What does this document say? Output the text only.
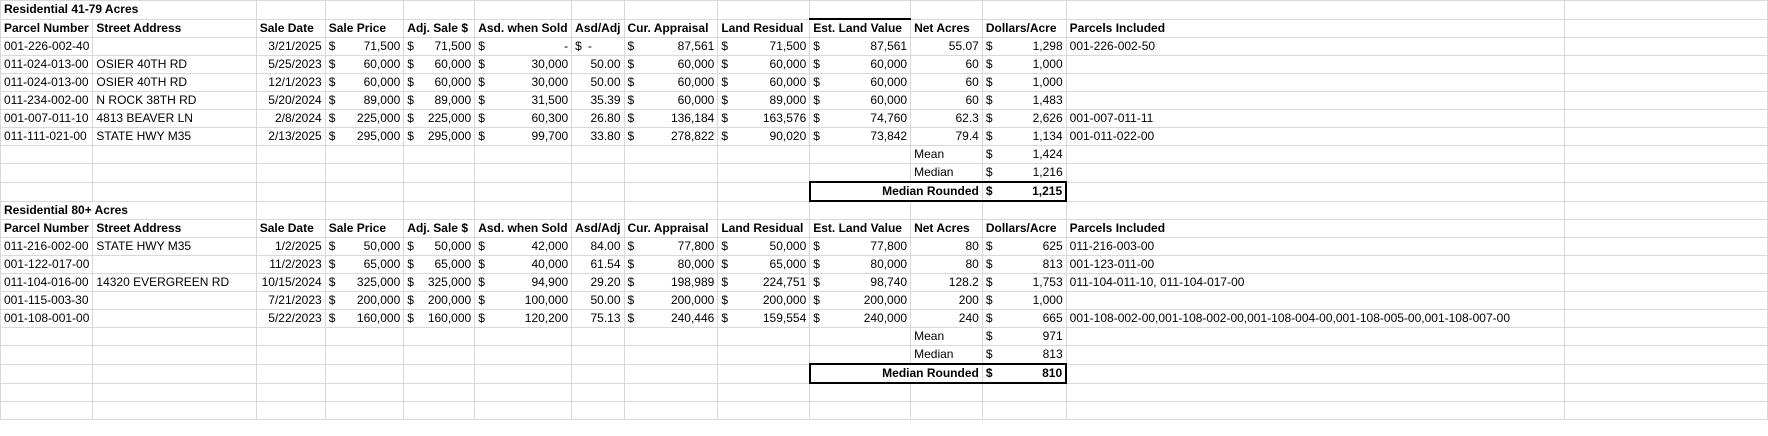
Residential 41-79 Acres													
Parcel Number	Street Address	Sale Date	Sale Price	Adj. Sale $	Asd. when Sold	Asd/Adj	Cur. Appraisal	Land Residual	Est. Land Value	Net Acres	Dollars/Acre	Parcels Included	
001-226-002-40		3/21/2025	$ 71,500	$ 71,500	$ -	$ -	$ 87,561	$ 71,500	$ 87,561	55.07	$ 1,298	001-226-002-50	
011-024-013-00	OSIER 40TH RD	5/25/2023	$ 60,000	$ 60,000	$ 30,000	50.00	$ 60,000	$ 60,000	$ 60,000	60	$ 1,000		

011-024-013-00	OSIER 40TH RD	12/1/2023	$ 60,000	$ 60,000	$ 30,000	50.00	$ 60,000	$ 60,000	$ 60,000	60	$ 1,000		

011-234-002-00	N ROCK 38TH RD	5/20/2024	$ 89,000	$ 89,000	$ 31,500	35.39	$ 60,000	$ 89,000	$ 60,000	60	$ 1,483		

001-007-011-10	4813 BEAVER LN	2/8/2024	$ 225,000	$ 225,000	$ 60,300	26.80	$ 136,184	$ 163,576	$ 74,760	62.3	$ 2,626	001-007-011-11	
011-111-021-00	STATE HWY M35	2/13/2025	$ 295,000	$ 295,000	$ 99,700	33.80	$ 278,822	$ 90,020	$ 73,842	79.4	$ 1,134	001-011-022-00	
										Mean	$ 1,424		

										Median	$ 1,216		

									Median Rounded		$ 1,215		

Residential 80+ Acres													
Parcel Number	Street Address	Sale Date	Sale Price	Adj. Sale $	Asd. when Sold	Asd/Adj	Cur. Appraisal	Land Residual	Est. Land Value	Net Acres	Dollars/Acre	Parcels Included	
011-216-002-00	STATE HWY M35	1/2/2025	$ 50,000	$ 50,000	$ 42,000	84.00	$ 77,800	$ 50,000	$ 77,800	80	$ 625	011-216-003-00	
001-122-017-00		11/2/2023	$ 65,000	$ 65,000	$ 40,000	61.54	$ 80,000	$ 65,000	$ 80,000	80	$ 813	001-123-011-00	
011-104-016-00	14320 EVERGREEN RD	10/15/2024	$ 325,000	$ 325,000	$ 94,900	29.20	$ 198,989	$ 224,751	$ 98,740	128.2	$ 1,753	011-104-011-10, 011-104-017-00	
001-115-003-30		7/21/2023	$ 200,000	$ 200,000	$ 100,000	50.00	$ 200,000	$ 200,000	$ 200,000	200	$ 1,000		

001-108-001-00		5/22/2023	$ 160,000	$ 160,000	$ 120,200	75.13	$ 240,446	$ 159,554	$ 240,000	240	$ 665	001-108-002-00,001-108-002-00,001-108-004-00,001-108-005-00,001-108-007-00	
										Mean	$ 971		

										Median	$ 813		

									Median Rounded		$ 810		
